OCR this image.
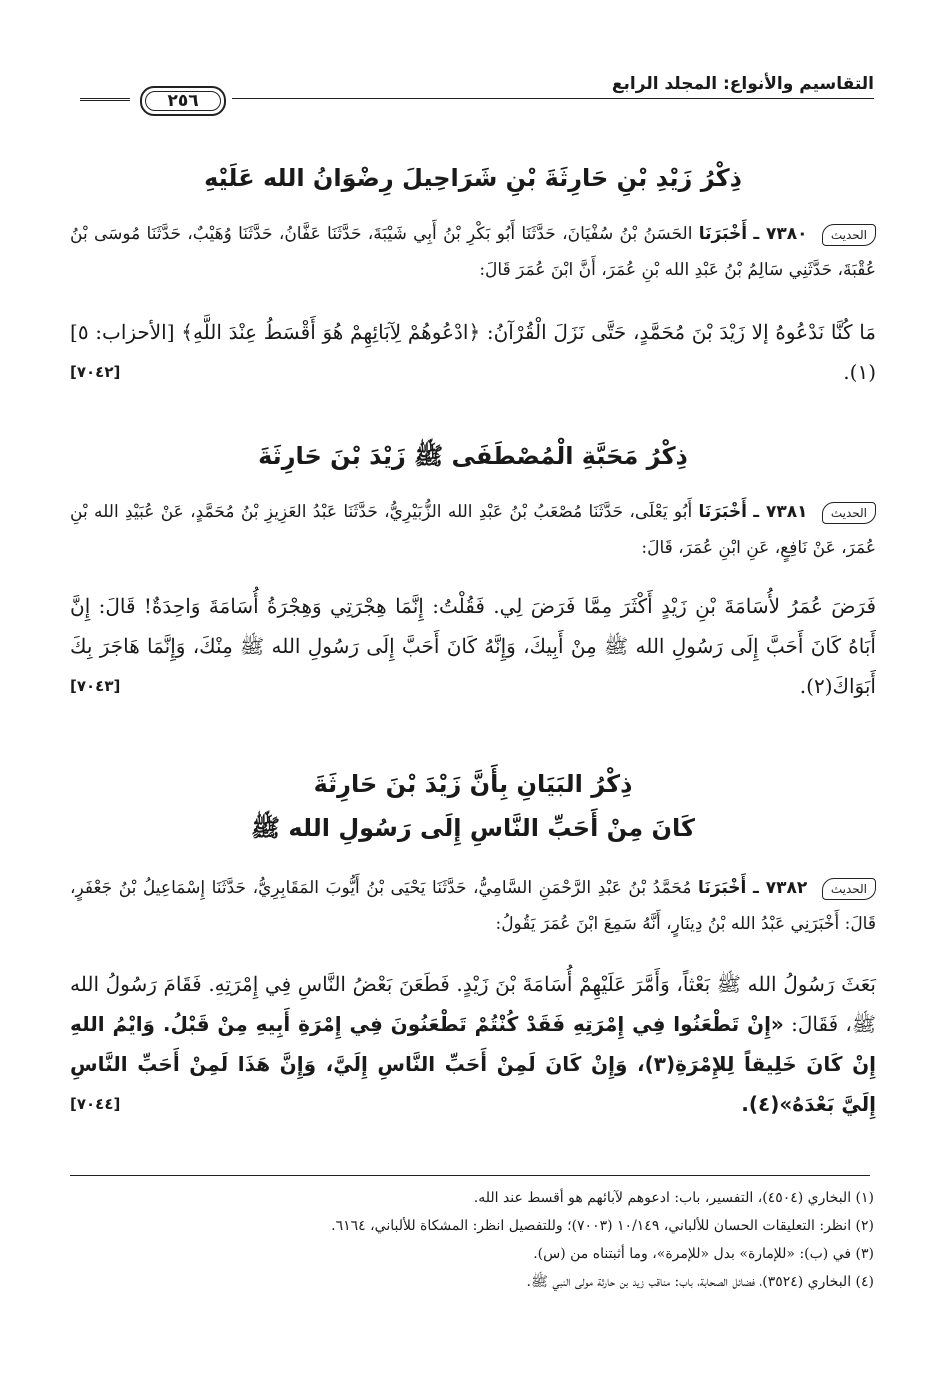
التقاسيم والأنواع: المجلد الرابع
٢٥٦
ذِكْرُ زَيْدِ بْنِ حَارِثَةَ بْنِ شَرَاحِيلَ رِضْوَانُ الله عَلَيْهِ
الحديث ٧٣٨٠ ـ أَخْبَرَنَا الحَسَنُ بْنُ سُفْيَانَ، حَدَّثَنَا أَبُو بَكْرِ بْنُ أَبِي شَيْبَةَ، حَدَّثَنَا عَفَّانُ، حَدَّثَنَا وُهَيْبٌ، حَدَّثَنَا مُوسَى بْنُ عُقْبَةَ، حَدَّثَنِي سَالِمُ بْنُ عَبْدِ الله بْنِ عُمَرَ، أَنَّ ابْنَ عُمَرَ قَالَ:
مَا كُنَّا نَدْعُوهُ إلا زَيْدَ بْنَ مُحَمَّدٍ، حَتَّى نَزَلَ الْقُرْآنُ: ﴿ادْعُوهُمْ لِآبَائِهِمْ هُوَ أَقْسَطُ عِنْدَ اللَّهِ﴾ [الأحزاب: ٥](١).
[٧٠٤٢]
ذِكْرُ مَحَبَّةِ الْمُصْطَفَى ﷺ زَيْدَ بْنَ حَارِثَةَ
الحديث ٧٣٨١ ـ أَخْبَرَنَا أَبُو يَعْلَى، حَدَّثَنَا مُصْعَبُ بْنُ عَبْدِ الله الزُّبَيْرِيُّ، حَدَّثَنَا عَبْدُ العَزِيزِ بْنُ مُحَمَّدٍ، عَنْ عُبَيْدِ الله بْنِ عُمَرَ، عَنْ نَافِعٍ، عَنِ ابْنِ عُمَرَ، قَالَ:
فَرَضَ عُمَرُ لأُسَامَةَ بْنِ زَيْدٍ أَكْثَرَ مِمَّا فَرَضَ لِي. فَقُلْتُ: إِنَّمَا هِجْرَتِي وَهِجْرَةُ أُسَامَةَ وَاحِدَةٌ! قَالَ: إِنَّ أَبَاهُ كَانَ أَحَبَّ إِلَى رَسُولِ الله ﷺ مِنْ أَبِيكَ، وَإِنَّهُ كَانَ أَحَبَّ إِلَى رَسُولِ الله ﷺ مِنْكَ، وَإِنَّمَا هَاجَرَ بِكَ أَبَوَاكَ(٢).
[٧٠٤٣]
ذِكْرُ البَيَانِ بِأَنَّ زَيْدَ بْنَ حَارِثَةَ
كَانَ مِنْ أَحَبِّ النَّاسِ إِلَى رَسُولِ الله ﷺ
الحديث ٧٣٨٢ ـ أَخْبَرَنَا مُحَمَّدُ بْنُ عَبْدِ الرَّحْمَنِ السَّامِيُّ، حَدَّثَنَا يَحْيَى بْنُ أَيُّوبَ المَقَابِرِيُّ، حَدَّثَنَا إِسْمَاعِيلُ بْنُ جَعْفَرٍ، قَالَ: أَخْبَرَنِي عَبْدُ الله بْنُ دِينَارٍ، أَنَّهُ سَمِعَ ابْنَ عُمَرَ يَقُولُ:
بَعَثَ رَسُولُ الله ﷺ بَعْثاً، وَأَمَّرَ عَلَيْهِمْ أُسَامَةَ بْنَ زَيْدٍ. فَطَعَنَ بَعْضُ النَّاسِ فِي إِمْرَتِهِ. فَقَامَ رَسُولُ الله ﷺ، فَقَالَ: «إِنْ تَطْعَنُوا فِي إِمْرَتِهِ فَقَدْ كُنْتُمْ تَطْعَنُونَ فِي إِمْرَةِ أَبِيهِ مِنْ قَبْلُ. وَايْمُ اللهِ إِنْ كَانَ خَلِيقاً لِلإِمْرَةِ(٣)، وَإِنْ كَانَ لَمِنْ أَحَبِّ النَّاسِ إِلَيَّ، وَإِنَّ هَذَا لَمِنْ أَحَبِّ النَّاسِ إِلَيَّ بَعْدَهُ»(٤).
[٧٠٤٤]
(١) البخاري (٤٥٠٤)، التفسير، باب: ادعوهم لآبائهم هو أقسط عند الله.
(٢) انظر: التعليقات الحسان للألباني، ١٠/١٤٩ (٧٠٠٣)؛ وللتفصيل انظر: المشكاة للألباني، ٦١٦٤.
(٣) في (ب): «للإمارة» بدل «للإمرة»، وما أثبتناه من (س).
(٤) البخاري (٣٥٢٤)، فضائل الصحابة، باب: مناقب زيد بن حارثة مولى النبي ﷺ.
